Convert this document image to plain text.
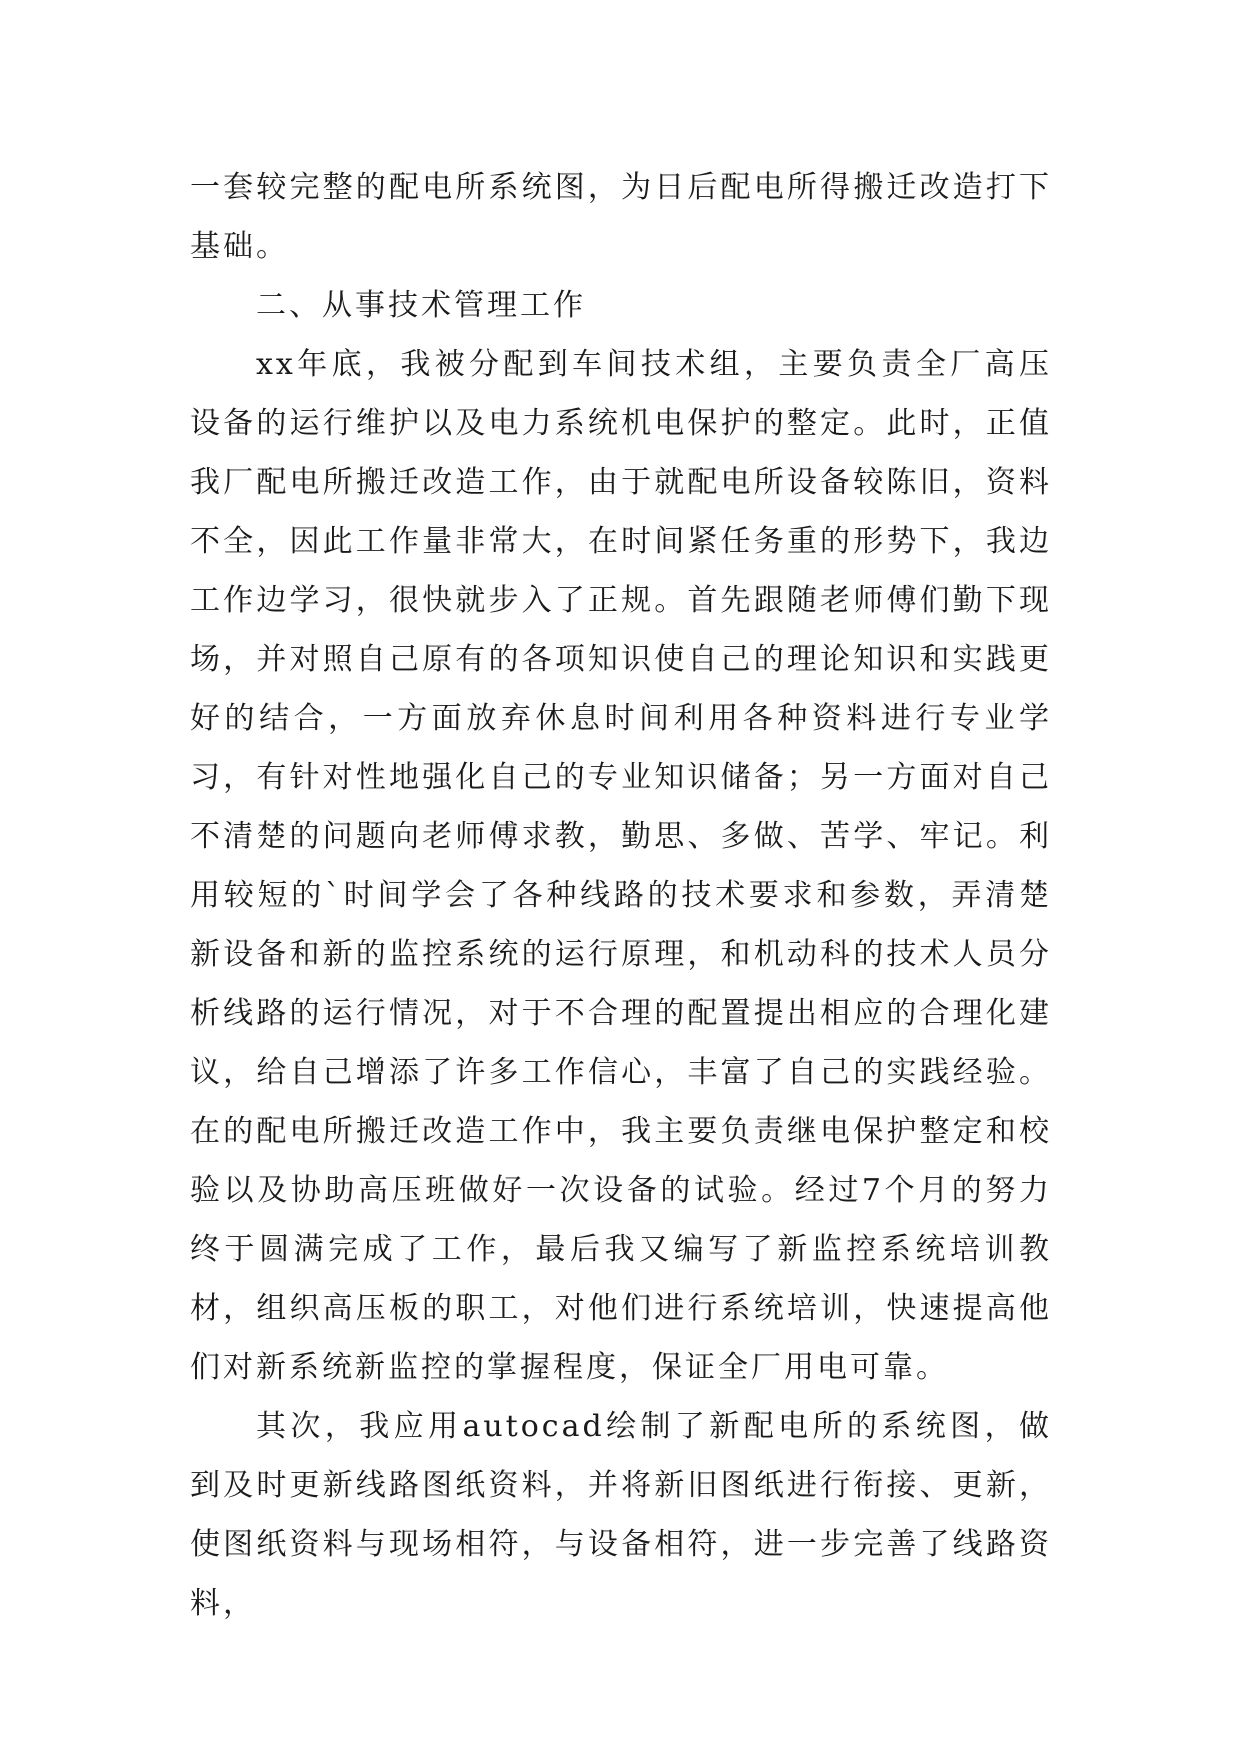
一套较完整的配电所系统图，为日后配电所得搬迁改造打下基础。

二、从事技术管理工作

xx年底，我被分配到车间技术组，主要负责全厂高压设备的运行维护以及电力系统机电保护的整定。此时，正值我厂配电所搬迁改造工作，由于就配电所设备较陈旧，资料不全，因此工作量非常大，在时间紧任务重的形势下，我边工作边学习，很快就步入了正规。首先跟随老师傅们勤下现场，并对照自己原有的各项知识使自己的理论知识和实践更好的结合，一方面放弃休息时间利用各种资料进行专业学习，有针对性地强化自己的专业知识储备；另一方面对自己不清楚的问题向老师傅求教，勤思、多做、苦学、牢记。利用较短的`时间学会了各种线路的技术要求和参数，弄清楚新设备和新的监控系统的运行原理，和机动科的技术人员分析线路的运行情况，对于不合理的配置提出相应的合理化建议，给自己增添了许多工作信心，丰富了自己的实践经验。在的配电所搬迁改造工作中，我主要负责继电保护整定和校验以及协助高压班做好一次设备的试验。经过7个月的努力终于圆满完成了工作，最后我又编写了新监控系统培训教材，组织高压板的职工，对他们进行系统培训，快速提高他们对新系统新监控的掌握程度，保证全厂用电可靠。

其次，我应用autocad绘制了新配电所的系统图，做到及时更新线路图纸资料，并将新旧图纸进行衔接、更新，使图纸资料与现场相符，与设备相符，进一步完善了线路资料，
